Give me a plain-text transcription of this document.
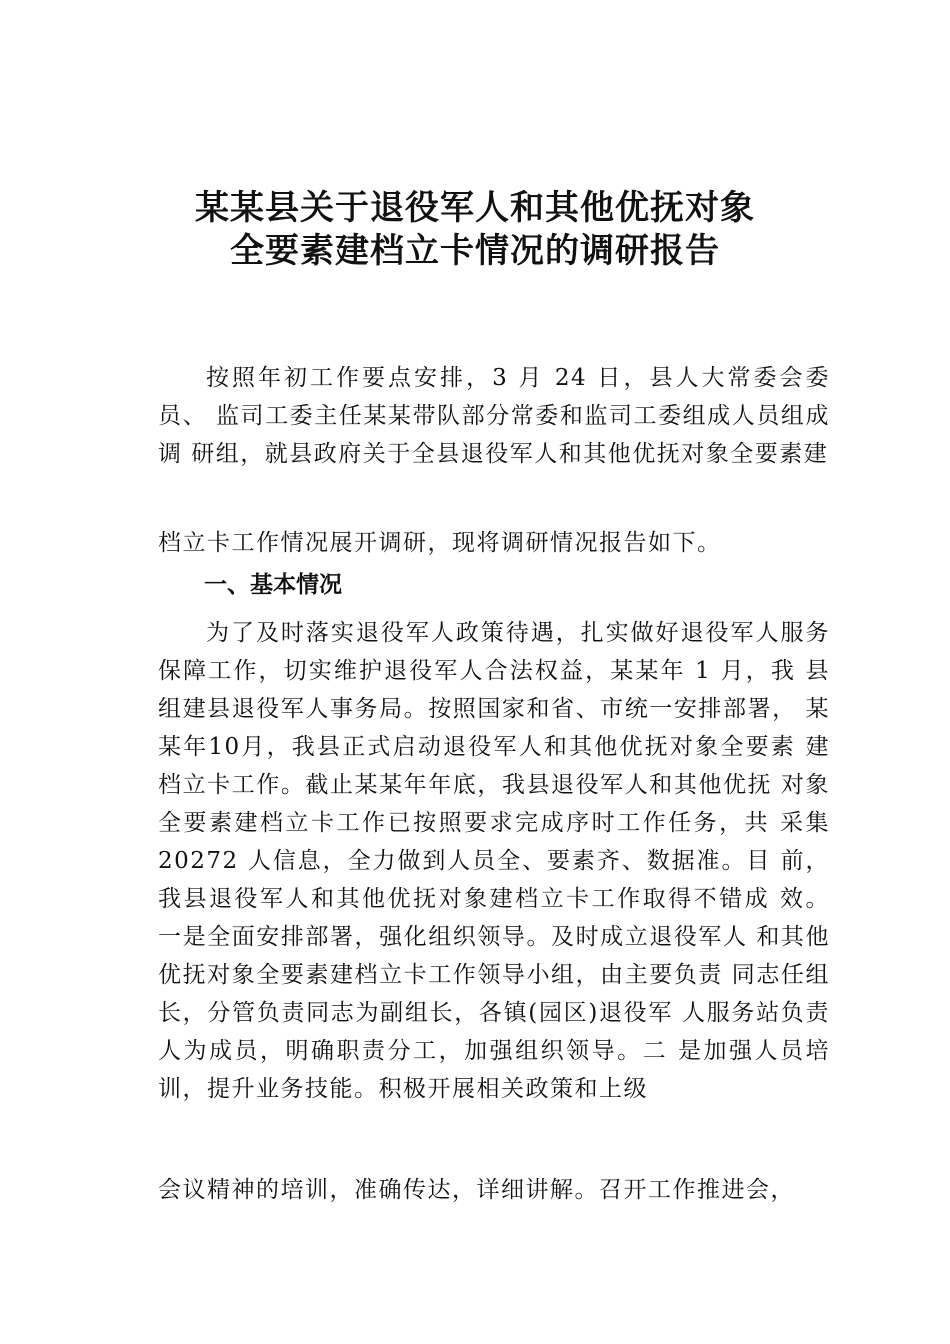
某某县关于退役军人和其他优抚对象
全要素建档立卡情况的调研报告

按照年初工作要点安排，3 月 24 日，县人大常委会委员、 监司工委主任某某带队部分常委和监司工委组成人员组成调 研组，就县政府关于全县退役军人和其他优抚对象全要素建

档立卡工作情况展开调研，现将调研情况报告如下。

一、基本情况

为了及时落实退役军人政策待遇，扎实做好退役军人服务保障工作，切实维护退役军人合法权益，某某年 1 月，我 县组建县退役军人事务局。按照国家和省、市统一安排部署， 某某年10月，我县正式启动退役军人和其他优抚对象全要素 建档立卡工作。截止某某年年底，我县退役军人和其他优抚 对象全要素建档立卡工作已按照要求完成序时工作任务，共 采集20272 人信息，全力做到人员全、要素齐、数据准。目 前，我县退役军人和其他优抚对象建档立卡工作取得不错成 效。 一是全面安排部署，强化组织领导。及时成立退役军人 和其他优抚对象全要素建档立卡工作领导小组，由主要负责 同志任组长，分管负责同志为副组长，各镇(园区)退役军 人服务站负责人为成员，明确职责分工，加强组织领导。二 是加强人员培训，提升业务技能。积极开展相关政策和上级

会议精神的培训，准确传达，详细讲解。召开工作推进会，
